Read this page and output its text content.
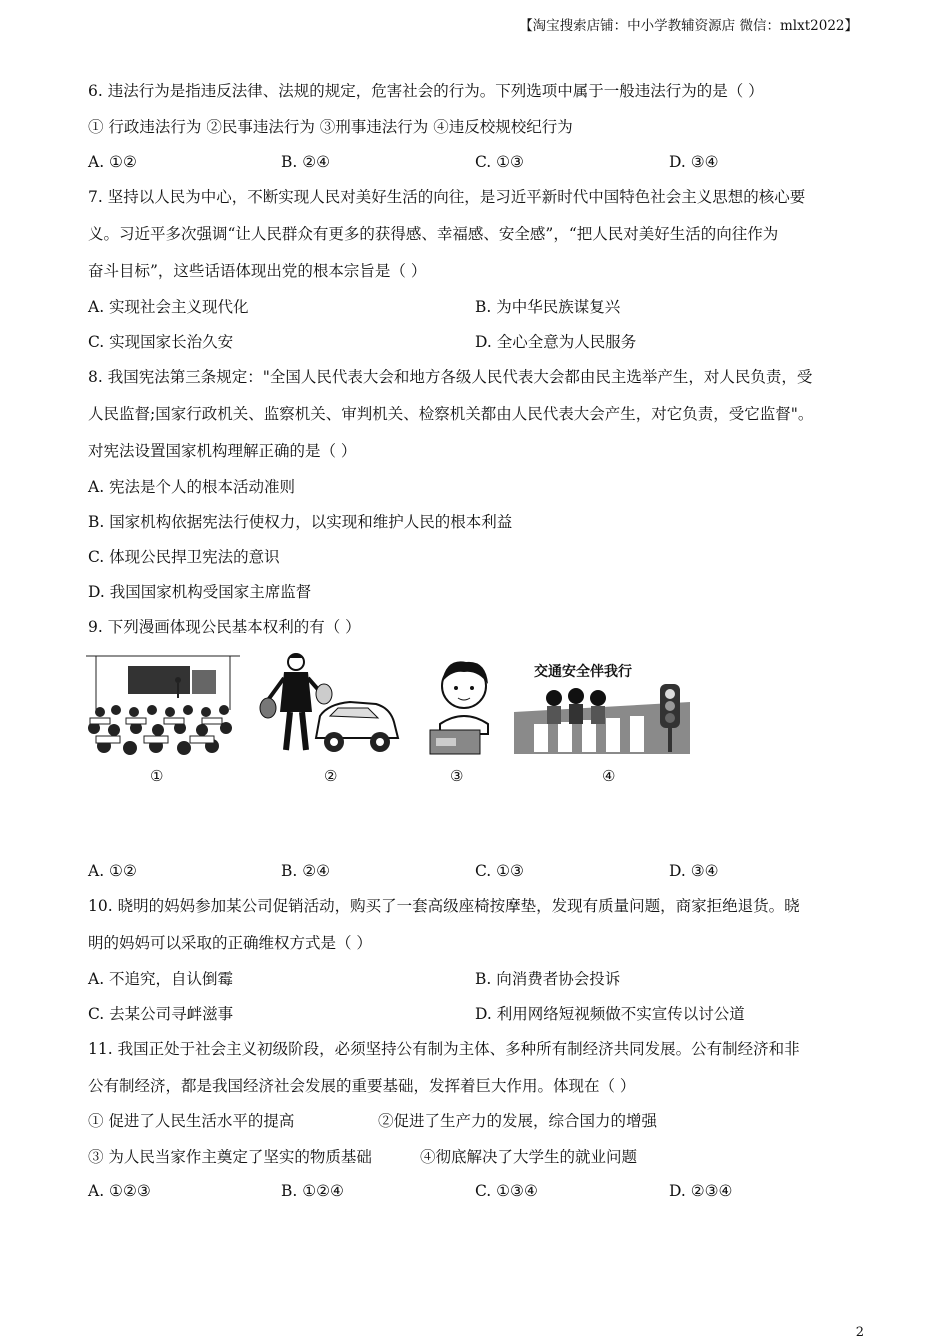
【淘宝搜索店铺：中小学教辅资源店 微信：mlxt2022】
6. 违法行为是指违反法律、法规的规定，危害社会的行为。下列选项中属于一般违法行为的是（ ）
① 行政违法行为 ②民事违法行为 ③刑事违法行为 ④违反校规校纪行为
A. ①②	B. ②④	C. ①③	D. ③④
7. 坚持以人民为中心，不断实现人民对美好生活的向往，是习近平新时代中国特色社会主义思想的核心要
义。习近平多次强调“让人民群众有更多的获得感、幸福感、安全感”，“把人民对美好生活的向往作为
奋斗目标”，这些话语体现出党的根本宗旨是（ ）
A. 实现社会主义现代化	B. 为中华民族谋复兴
C. 实现国家长治久安	D. 全心全意为人民服务
8. 我国宪法第三条规定："全国人民代表大会和地方各级人民代表大会都由民主选举产生，对人民负责，受
人民监督;国家行政机关、监察机关、审判机关、检察机关都由人民代表大会产生，对它负责，受它监督"。
对宪法设置国家机构理解正确的是（ ）
A. 宪法是个人的根本活动准则
B. 国家机构依据宪法行使权力，以实现和维护人民的根本利益
C. 体现公民捍卫宪法的意识
D. 我国国家机构受国家主席监督
9. 下列漫画体现公民基本权利的有（ ）
①	②	③
交通安全伴我行
④
A. ①②	B. ②④	C. ①③	D. ③④
10. 晓明的妈妈参加某公司促销活动，购买了一套高级座椅按摩垫，发现有质量问题，商家拒绝退货。晓
明的妈妈可以采取的正确维权方式是（ ）
A. 不追究，自认倒霉	B. 向消费者协会投诉
C. 去某公司寻衅滋事	D. 利用网络短视频做不实宣传以讨公道
11. 我国正处于社会主义初级阶段，必须坚持公有制为主体、多种所有制经济共同发展。公有制经济和非
公有制经济，都是我国经济社会发展的重要基础，发挥着巨大作用。体现在（ ）
① 促进了人民生活水平的提高	②促进了生产力的发展，综合国力的增强
③ 为人民当家作主奠定了坚实的物质基础	④彻底解决了大学生的就业问题
A. ①②③	B. ①②④	C. ①③④	D. ②③④
2
